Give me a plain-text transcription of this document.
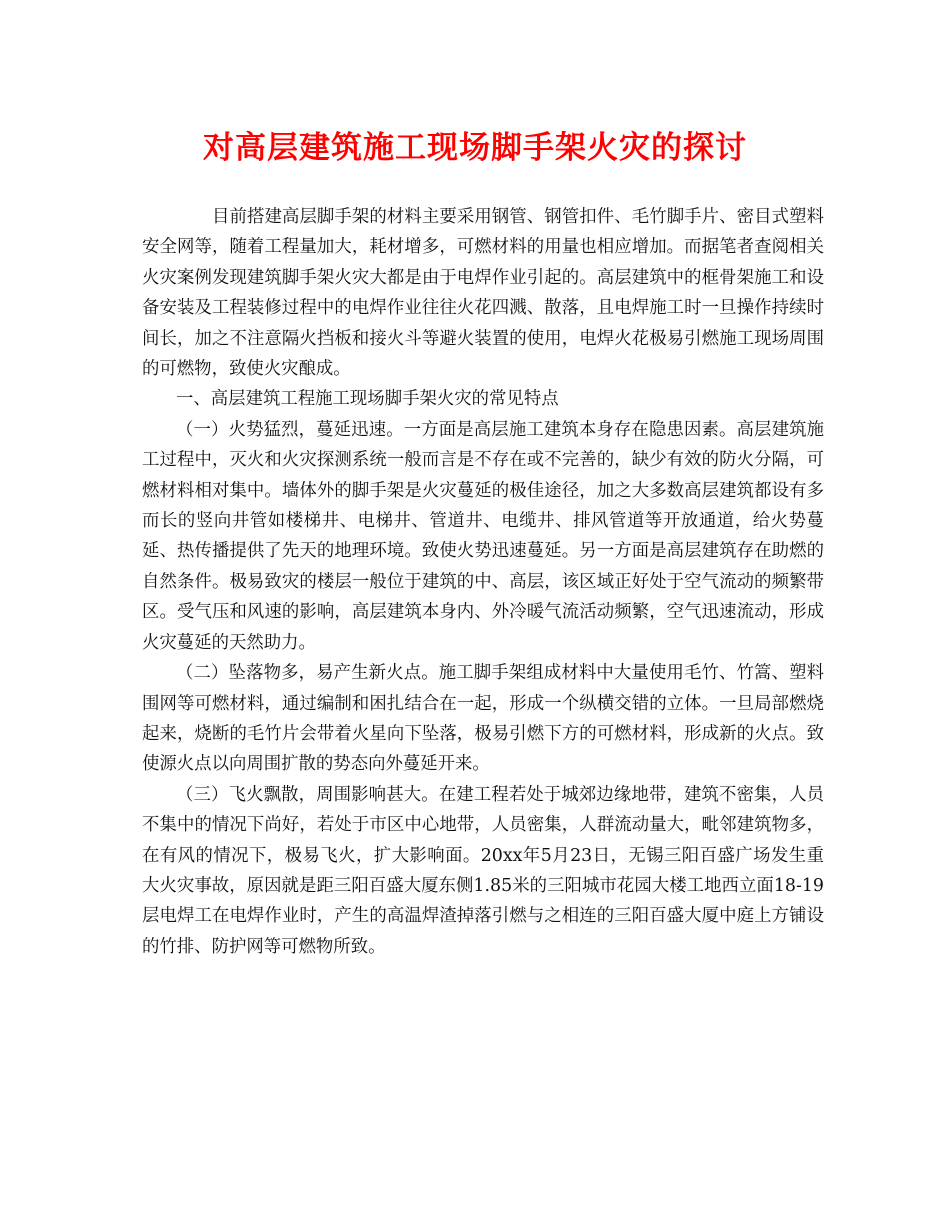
对高层建筑施工现场脚手架火灾的探讨

目前搭建高层脚手架的材料主要采用钢管、钢管扣件、毛竹脚手片、密目式塑料安全网等，随着工程量加大，耗材增多，可燃材料的用量也相应增加。而据笔者查阅相关火灾案例发现建筑脚手架火灾大都是由于电焊作业引起的。高层建筑中的框骨架施工和设备安装及工程装修过程中的电焊作业往往火花四溅、散落，且电焊施工时一旦操作持续时间长，加之不注意隔火挡板和接火斗等避火装置的使用，电焊火花极易引燃施工现场周围的可燃物，致使火灾酿成。

一、高层建筑工程施工现场脚手架火灾的常见特点

（一）火势猛烈，蔓延迅速。一方面是高层施工建筑本身存在隐患因素。高层建筑施工过程中，灭火和火灾探测系统一般而言是不存在或不完善的，缺少有效的防火分隔，可燃材料相对集中。墙体外的脚手架是火灾蔓延的极佳途径，加之大多数高层建筑都设有多而长的竖向井管如楼梯井、电梯井、管道井、电缆井、排风管道等开放通道，给火势蔓延、热传播提供了先天的地理环境。致使火势迅速蔓延。另一方面是高层建筑存在助燃的自然条件。极易致灾的楼层一般位于建筑的中、高层，该区域正好处于空气流动的频繁带区。受气压和风速的影响，高层建筑本身内、外冷暖气流活动频繁，空气迅速流动，形成火灾蔓延的天然助力。

（二）坠落物多，易产生新火点。施工脚手架组成材料中大量使用毛竹、竹篙、塑料围网等可燃材料，通过编制和困扎结合在一起，形成一个纵横交错的立体。一旦局部燃烧起来，烧断的毛竹片会带着火星向下坠落，极易引燃下方的可燃材料，形成新的火点。致使源火点以向周围扩散的势态向外蔓延开来。

（三）飞火飘散，周围影响甚大。在建工程若处于城郊边缘地带，建筑不密集，人员不集中的情况下尚好，若处于市区中心地带，人员密集，人群流动量大，毗邻建筑物多，在有风的情况下，极易飞火，扩大影响面。20xx年5月23日，无锡三阳百盛广场发生重大火灾事故，原因就是距三阳百盛大厦东侧1.85米的三阳城市花园大楼工地西立面18-19层电焊工在电焊作业时，产生的高温焊渣掉落引燃与之相连的三阳百盛大厦中庭上方铺设的竹排、防护网等可燃物所致。
